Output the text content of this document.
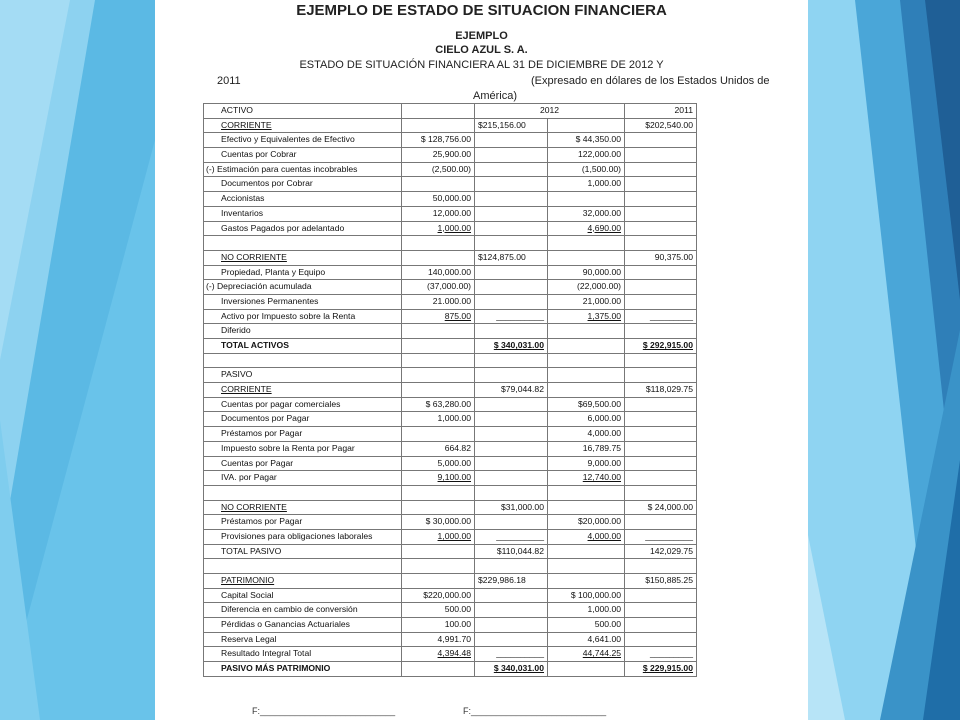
EJEMPLO DE ESTADO DE SITUACION FINANCIERA
EJEMPLO
CIELO AZUL S. A.
ESTADO DE SITUACIÓN FINANCIERA AL 31 DE DICIEMBRE DE 2012 Y
2011	(Expresado en dólares de los Estados Unidos de
América)
ACTIVO		2012		2011
CORRIENTE		$215,156.00		$202,540.00
Efectivo y Equivalentes de Efectivo	$ 128,756.00		$ 44,350.00	
Cuentas por Cobrar	25,900.00		122,000.00	
(-) Estimación para cuentas incobrables	(2,500.00)		(1,500.00)	
Documentos por Cobrar			1,000.00	
Accionistas	50,000.00			
Inventarios	12,000.00		32,000.00	
Gastos Pagados por adelantado	1,000.00		4,690.00	

NO CORRIENTE		$124,875.00		90,375.00
Propiedad, Planta y Equipo	140,000.00		90,000.00	
(-) Depreciación acumulada	(37,000.00)		(22,000.00)	
Inversiones Permanentes	21.000.00		21,000.00	
Activo por Impuesto sobre la Renta	875.00	__________	1,375.00	_________
Diferido				
TOTAL ACTIVOS		$ 340,031.00		$ 292,915.00

PASIVO				
CORRIENTE		$79,044.82		$118,029.75
Cuentas por pagar comerciales	$ 63,280.00		$69,500.00	
Documentos por Pagar	1,000.00		6,000.00	
Préstamos por Pagar			4,000.00	
Impuesto sobre la Renta por Pagar	664.82		16,789.75	
Cuentas por Pagar	5,000.00		9,000.00	
IVA. por Pagar	9,100.00		12,740.00	

NO CORRIENTE		$31,000.00		$ 24,000.00
Préstamos por Pagar	$ 30,000.00		$20,000.00	
Provisiones para obligaciones laborales	1,000.00	__________	4,000.00	__________
TOTAL PASIVO		$110,044.82		142,029.75

PATRIMONIO		$229,986.18		$150,885.25
Capital Social	$220,000.00		$ 100,000.00	
Diferencia en cambio de conversión	500.00		1,000.00	
Pérdidas o Ganancias Actuariales	100.00		500.00	
Reserva Legal	4,991.70		4,641.00	
Resultado Integral Total	4,394.48	__________	44,744.25	_________
PASIVO MÁS PATRIMONIO		$ 340,031.00		$ 229,915.00
F:___________________________	F:___________________________
